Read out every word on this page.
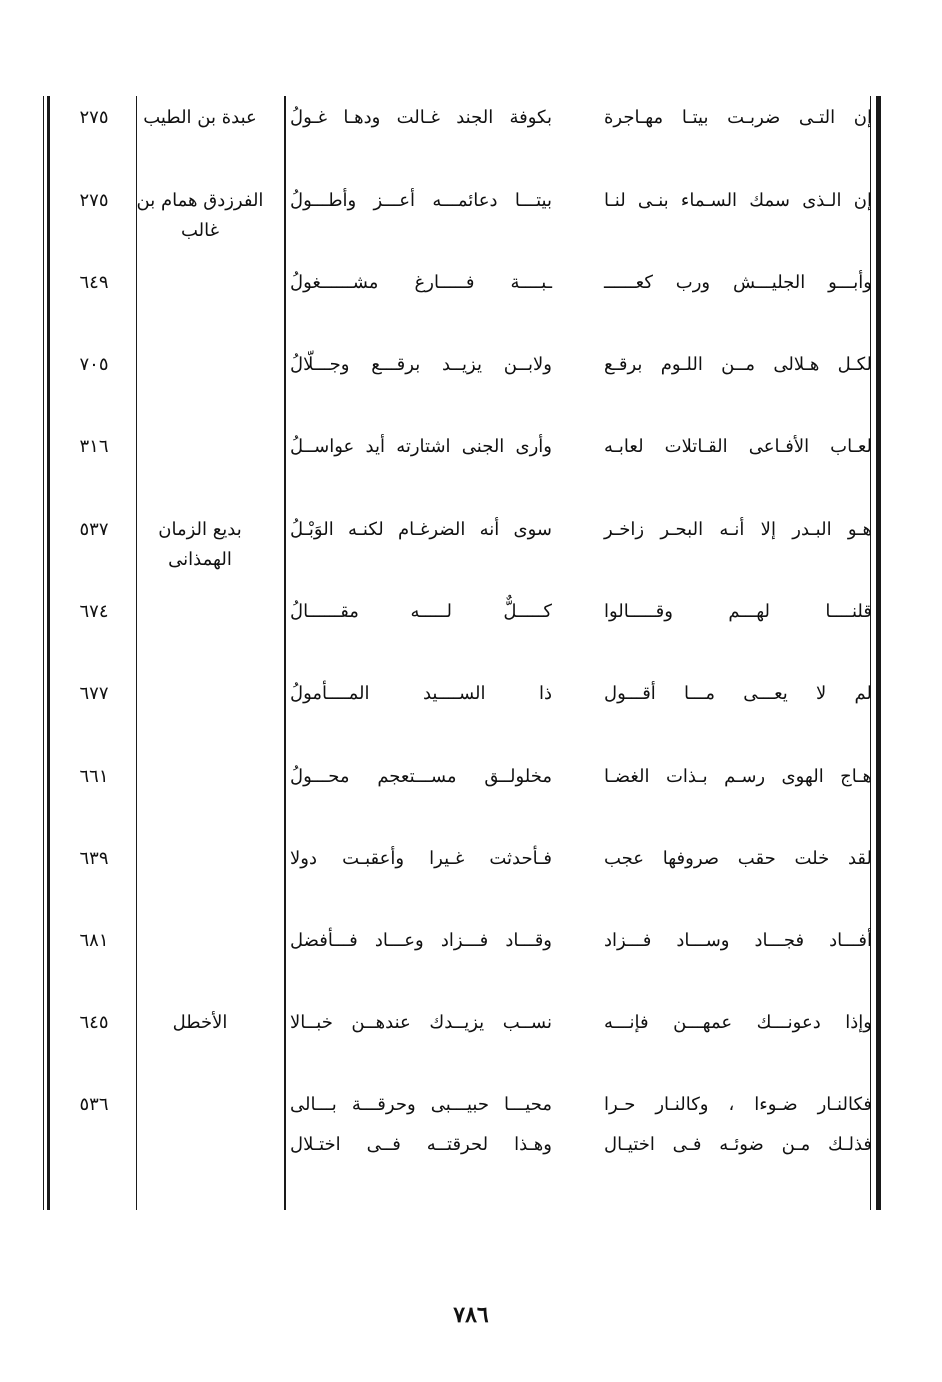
إن التـى ضربـت بيتـا مهـاجرة
بكوفة الجند غـالت ودهـا غـولُ
عبدة بن الطيب
٢٧٥
إن الـذى سمك السـماء بنـى لنـا
بيتـــا دعائمـــه أعـــز وأطـــولُ
الفرزدق همام بن غالب
٢٧٥
وأبـــو الجليـــش ورب كعــــــ
ـبــــة فـــــارغ مشــــــغولُ
٦٤٩
لكـل هـلالى مــن اللـوم برقـع
ولابــن يزيــد برقـــع وجـــلّالُ
٧٠٥
لعـاب الأفـاعى القـاتلات لعابـه
وأرى الجنى اشتارته أيد عواســلُ
٣١٦
هـو البـدر إلا أنـه البحـر زاخـر
سوى أنه الضرغـام لكنـه الوَبْـلُ
بديع الزمان الهمذانى
٥٣٧
قلنــــا لهـــم وقـــــالوا
كـــــلٌّ لـــــه مقــــــالُ
٦٧٤
لم لا يعـــى مـــا أقـــول
ذا الســــيد المــــأمولُ
٦٧٧
هـاج الهوى رسـم بـذات الغضـا
مخلولــق مســـتعجم محـــولُ
٦٦١
لقد خلت حقب صروفها عجب
فـأحدثت غـيرا وأعقبـت دولا
٦٣٩
أفـــاد فجـــاد وســـاد فـــزاد
وقـــاد فـــزاد وعـــاد فـــأفضل
٦٨١
وإذا دعونـــك عمهـــن فإنـــه
نســب يزيــدك عندهــن خبــالا
الأخطل
٦٤٥
فكالنـار ضـوءا ، وكالنـار حـرا
محيـــا حبيـــبى وحرقـــة بـــالى
فذلـك مـن ضوئـه فـى اختيـال
وهـذا لحرقتــه فــى اختـلال
٥٣٦
٧٨٦
